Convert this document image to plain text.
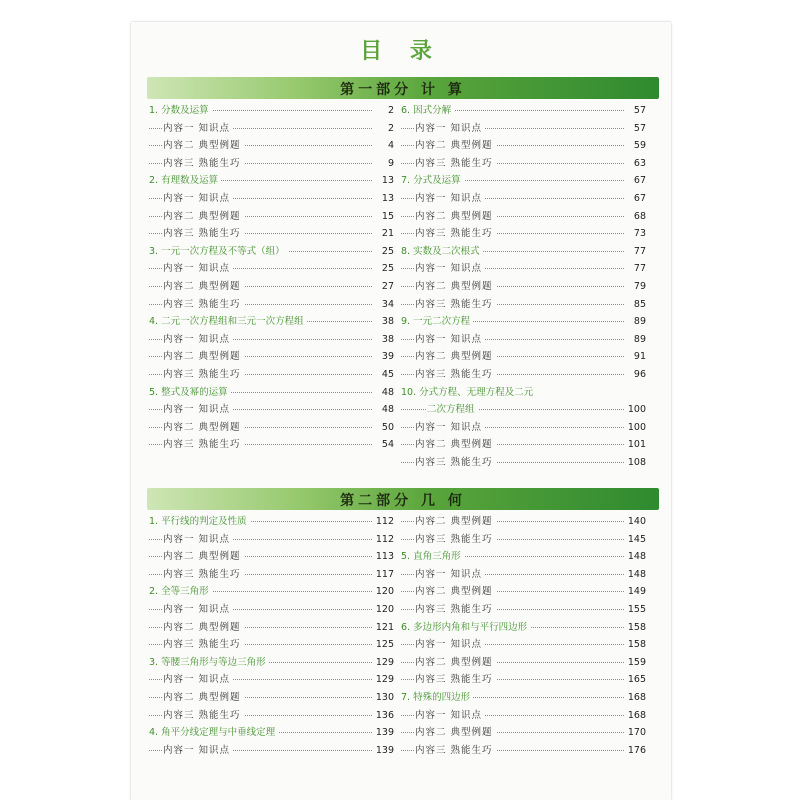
目 录
第一部分 计 算
1. 分数及运算	2
内容一 知识点	2
内容二 典型例题	4
内容三 熟能生巧	9
2. 有理数及运算	13
内容一 知识点	13
内容二 典型例题	15
内容三 熟能生巧	21
3. 一元一次方程及不等式（组）	25
内容一 知识点	25
内容二 典型例题	27
内容三 熟能生巧	34
4. 二元一次方程组和三元一次方程组	38
内容一 知识点	38
内容二 典型例题	39
内容三 熟能生巧	45
5. 整式及幂的运算	48
内容一 知识点	48
内容二 典型例题	50
内容三 熟能生巧	54
6. 因式分解	57
内容一 知识点	57
内容二 典型例题	59
内容三 熟能生巧	63
7. 分式及运算	67
内容一 知识点	67
内容二 典型例题	68
内容三 熟能生巧	73
8. 实数及二次根式	77
内容一 知识点	77
内容二 典型例题	79
内容三 熟能生巧	85
9. 一元二次方程	89
内容一 知识点	89
内容二 典型例题	91
内容三 熟能生巧	96
10. 分式方程、无理方程及二元
二次方程组	100
内容一 知识点	100
内容二 典型例题	101
内容三 熟能生巧	108
第二部分 几 何
1. 平行线的判定及性质	112
内容一 知识点	112
内容二 典型例题	113
内容三 熟能生巧	117
2. 全等三角形	120
内容一 知识点	120
内容二 典型例题	121
内容三 熟能生巧	125
3. 等腰三角形与等边三角形	129
内容一 知识点	129
内容二 典型例题	130
内容三 熟能生巧	136
4. 角平分线定理与中垂线定理	139
内容一 知识点	139
内容二 典型例题	140
内容三 熟能生巧	145
5. 直角三角形	148
内容一 知识点	148
内容二 典型例题	149
内容三 熟能生巧	155
6. 多边形内角和与平行四边形	158
内容一 知识点	158
内容二 典型例题	159
内容三 熟能生巧	165
7. 特殊的四边形	168
内容一 知识点	168
内容二 典型例题	170
内容三 熟能生巧	176
